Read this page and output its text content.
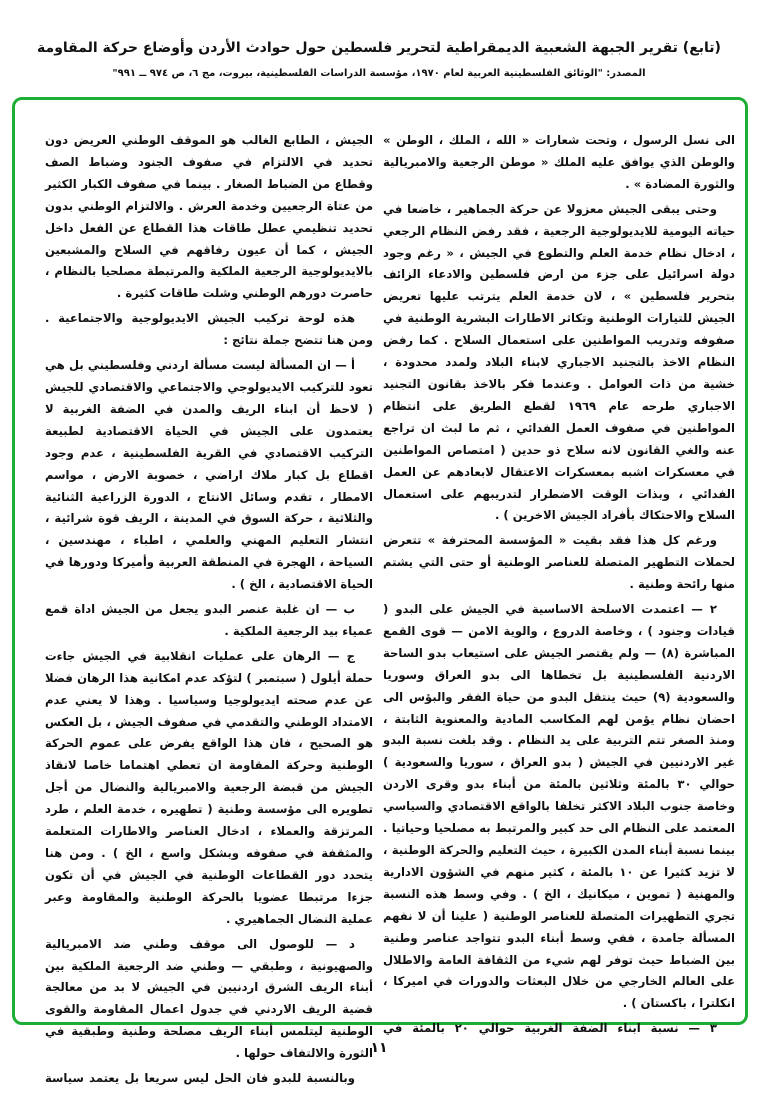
(تابع) تقرير الجبهة الشعبية الديمقراطية لتحرير فلسطين حول حوادث الأردن وأوضاع حركة المقاومة
المصدر: "الوثائق الفلسطينية العربية لعام ١٩٧٠، مؤسسة الدراسات الفلسطينية، بيروت، مج ٦، ص ٩٧٤ ــ ٩٩١"

الى نسل الرسول ، وتحت شعارات « الله ، الملك ، الوطن » والوطن الذي يوافق عليه الملك « موطن الرجعية والامبريالية والثورة المضادة » .

وحتى يبقى الجيش معزولا عن حركة الجماهير ، خاضعا في حياته اليومية للايديولوجية الرجعية ، فقد رفض النظام الرجعي ، ادخال نظام خدمة العلم والتطوع في الجيش ، « رغم وجود دولة اسرائيل على جزء من ارض فلسطين والادعاء الزائف بتحرير فلسطين » ، لان خدمة العلم يترتب عليها تعريض الجيش للتيارات الوطنية وتكاثر الاطارات البشرية الوطنية في صفوفه وتدريب المواطنين على استعمال السلاح . كما رفض النظام الاخذ بالتجنيد الاجباري لابناء البلاد ولمدد محدودة ، خشية من ذات العوامل . وعندما فكر بالاخذ بقانون التجنيد الاجباري طرحه عام ١٩٦٩ لقطع الطريق على انتظام المواطنين في صفوف العمل الفدائي ، ثم ما لبث ان تراجع عنه والغي القانون لانه سلاح ذو حدين ( امتصاص المواطنين في معسكرات اشبه بمعسكرات الاعتقال لابعادهم عن العمل الفدائي ، وبذات الوقت الاضطرار لتدريبهم على استعمال السلاح والاحتكاك بأفراد الجيش الاخرين ) .

ورغم كل هذا فقد بقيت « المؤسسة المحترفة » تتعرض لحملات التطهير المتصلة للعناصر الوطنية أو حتى التي يشتم منها رائحة وطنية .

٢ — اعتمدت الاسلحة الاساسية في الجيش على البدو ( قيادات وجنود ) ، وخاصة الدروع ، والوية الامن — قوى القمع المباشرة (٨) — ولم يقتصر الجيش على استيعاب بدو الساحة الاردنية الفلسطينية بل تخطاها الى بدو العراق وسوريا والسعودية (٩) حيث ينتقل البدو من حياة الفقر والبؤس الى احضان نظام يؤمن لهم المكاسب المادية والمعنوية الثابتة ، ومنذ الصغر تتم التربية على يد النظام . وقد بلغت نسبة البدو غير الاردنيين في الجيش ( بدو العراق ، سوريا والسعودية ) حوالي ٣٠ بالمئة وثلاثين بالمئة من أبناء بدو وقرى الاردن وخاصة جنوب البلاد الاكثر تخلفا بالواقع الاقتصادي والسياسي المعتمد على النظام الى حد كبير والمرتبط به مصلحيا وحياتيا . بينما نسبة أبناء المدن الكبيرة ، حيث التعليم والحركة الوطنية ، لا تزيد كثيرا عن ١٠ بالمئة ، كثير منهم في الشؤون الادارية والمهنية ( تموين ، ميكانيك ، الخ ) . وفي وسط هذه النسبة تجري التطهيرات المتصلة للعناصر الوطنية ( علينا أن لا نفهم المسألة جامدة ، ففي وسط أبناء البدو تتواجد عناصر وطنية بين الضباط حيث توفر لهم شيء من الثقافة العامة والاطلال على العالم الخارجي من خلال البعثات والدورات في اميركا ، انكلترا ، باكستان ) .

٣ — نسبة ابناء الضفة الغربية حوالي ٢٠ بالمئة في

الجيش ، الطابع الغالب هو الموقف الوطني العريض دون تحديد في الالتزام في صفوف الجنود وضباط الصف وقطاع من الضباط الصغار . بينما في صفوف الكبار الكثير من عتاة الرجعيين وخدمة العرش . والالتزام الوطني بدون تحديد تنظيمي عطل طاقات هذا القطاع عن الفعل داخل الجيش ، كما أن عيون رفاقهم في السلاح والمشبعين بالايديولوجية الرجعية الملكية والمرتبطة مصلحيا بالنظام ، حاصرت دورهم الوطني وشلت طاقات كثيرة .

هذه لوحة تركيب الجيش الايديولوجية والاجتماعية . ومن هنا تتضح جملة نتائج :

أ — ان المسألة ليست مسألة اردني وفلسطيني بل هي تعود للتركيب الايديولوجي والاجتماعي والاقتصادي للجيش ( لاحظ أن ابناء الريف والمدن في الضفة الغربية لا يعتمدون على الجيش في الحياة الاقتصادية لطبيعة التركيب الاقتصادي في القرية الفلسطينية ، عدم وجود اقطاع بل كبار ملاك اراضي ، خصوبة الارض ، مواسم الامطار ، تقدم وسائل الانتاج ، الدورة الزراعية الثنائية والثلاثية ، حركة السوق في المدينة ، الريف قوة شرائية ، انتشار التعليم المهني والعلمي ، اطباء ، مهندسين ، السياحة ، الهجرة في المنطقة العربية وأميركا ودورها في الحياة الاقتصادية ، الخ ) .

ب — ان غلبة عنصر البدو يجعل من الجيش اداة قمع عمياء بيد الرجعية الملكية .

ج — الرهان على عمليات انقلابية في الجيش جاءت حملة أيلول ( سبتمبر ) لتؤكد عدم امكانية هذا الرهان فضلا عن عدم صحته ايديولوجيا وسياسيا . وهذا لا يعني عدم الامتداد الوطني والتقدمي في صفوف الجيش ، بل العكس هو الصحيح ، فان هذا الواقع يفرض على عموم الحركة الوطنية وحركة المقاومة ان تعطي اهتماما خاصا لانقاذ الجيش من قبضة الرجعية والامبريالية والنضال من أجل تطويره الى مؤسسة وطنية ( تطهيره ، خدمة العلم ، طرد المرتزقة والعملاء ، ادخال العناصر والاطارات المتعلمة والمثقفة في صفوفه وبشكل واسع ، الخ ) . ومن هنا يتحدد دور القطاعات الوطنية في الجيش في أن تكون جزءا مرتبطا عضويا بالحركة الوطنية والمقاومة وعبر عملية النضال الجماهيري .

د — للوصول الى موقف وطني ضد الامبريالية والصهيونية ، وطبقي — وطني ضد الرجعية الملكية بين أبناء الريف الشرق اردنيين في الجيش لا بد من معالجة قضية الريف الاردني في جدول اعمال المقاومة والقوى الوطنية ليتلمس أبناء الريف مصلحة وطنية وطبقية في الثورة والالتفاف حولها .

وبالنسبة للبدو فان الحل ليس سريعا بل يعتمد سياسة

١١
